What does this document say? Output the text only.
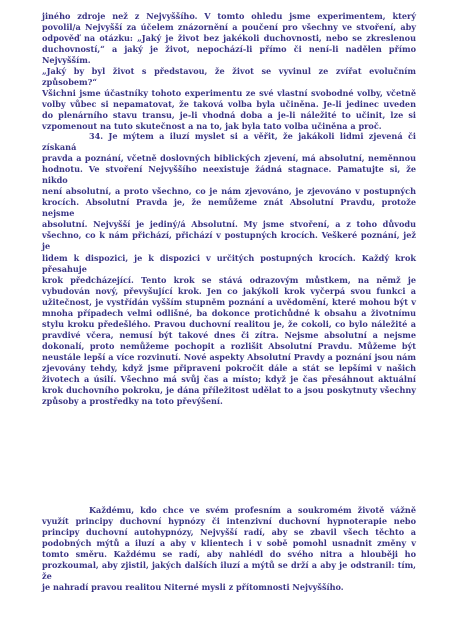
jiného zdroje než z Nejvyššího. V tomto ohledu jsme experimentem, který
povolil/a Nejvyšší za účelem znázornění a poučení pro všechny ve stvoření, aby
odpověď na otázku: „Jaký je život bez jakékoli duchovnosti, nebo se zkreslenou
duchovností,“ a jaký je život, nepochází-li přímo či není-li nadělen přímo Nejvyšším.
„Jaký by byl život s představou, že život se vyvinul ze zvířat evolučním způsobem?“
Všichni jsme účastníky tohoto experimentu ze své vlastní svobodné volby, včetně
volby vůbec si nepamatovat, že taková volba byla učiněna. Je-li jedinec uveden
do plenárního stavu transu, je-li vhodná doba a je-li náležité to učinit, lze si
vzpomenout na tuto skutečnost a na to, jak byla tato volba učiněna a proč.
34. Je mýtem a iluzí myslet si a věřit, že jakákoli lidmi zjevená či získaná
pravda a poznání, včetně doslovných biblických zjevení, má absolutní, neměnnou
hodnotu. Ve stvoření Nejvyššího neexistuje žádná stagnace. Pamatujte si, že nikdo
není absolutní, a proto všechno, co je nám zjevováno, je zjevováno v postupných
krocích. Absolutní Pravda je, že nemůžeme znát Absolutní Pravdu, protože nejsme
absolutní. Nejvyšší je jediný/á Absolutní. My jsme stvoření, a z toho důvodu
všechno, co k nám přichází, přichází v postupných krocích. Veškeré poznání, jež je
lidem k dispozici, je k dispozici v určitých postupných krocích. Každý krok přesahuje
krok předcházející. Tento krok se stává odrazovým můstkem, na němž je
vybudován nový, převyšující krok. Jen co jakýkoli krok vyčerpá svou funkci a
užitečnost, je vystřídán vyšším stupněm poznání a uvědomění, které mohou být v
mnoha případech velmi odlišné, ba dokonce protichůdné k obsahu a životnímu
stylu kroku předešlého. Pravou duchovní realitou je, že cokoli, co bylo náležité a
pravdivé včera, nemusí být takové dnes či zítra. Nejsme absolutní a nejsme
dokonalí, proto nemůžeme pochopit a rozlišit Absolutní Pravdu. Můžeme být
neustále lepší a více rozvinutí. Nové aspekty Absolutní Pravdy a poznání jsou nám
zjevovány tehdy, když jsme připraveni pokročit dále a stát se lepšími v našich
životech a úsilí. Všechno má svůj čas a místo; když je čas přesáhnout aktuální
krok duchovního pokroku, je dána příležitost udělat to a jsou poskytnuty všechny
způsoby a prostředky na toto převýšení.
Každému, kdo chce ve svém profesním a soukromém životě vážně
využít principy duchovní hypnózy či intenzivní duchovní hypnoterapie nebo
principy duchovní autohypnózy, Nejvyšší radí, aby se zbavil všech těchto a
podobných mýtů a iluzí a aby v klientech i v sobě pomohl usnadnit změny v
tomto směru. Každému se radí, aby nahlédl do svého nitra a hlouběji ho
prozkoumal, aby zjistil, jakých dalších iluzí a mýtů se drží a aby je odstranil: tím, že
je nahradí pravou realitou Niterné mysli z přítomnosti Nejvyššího.
